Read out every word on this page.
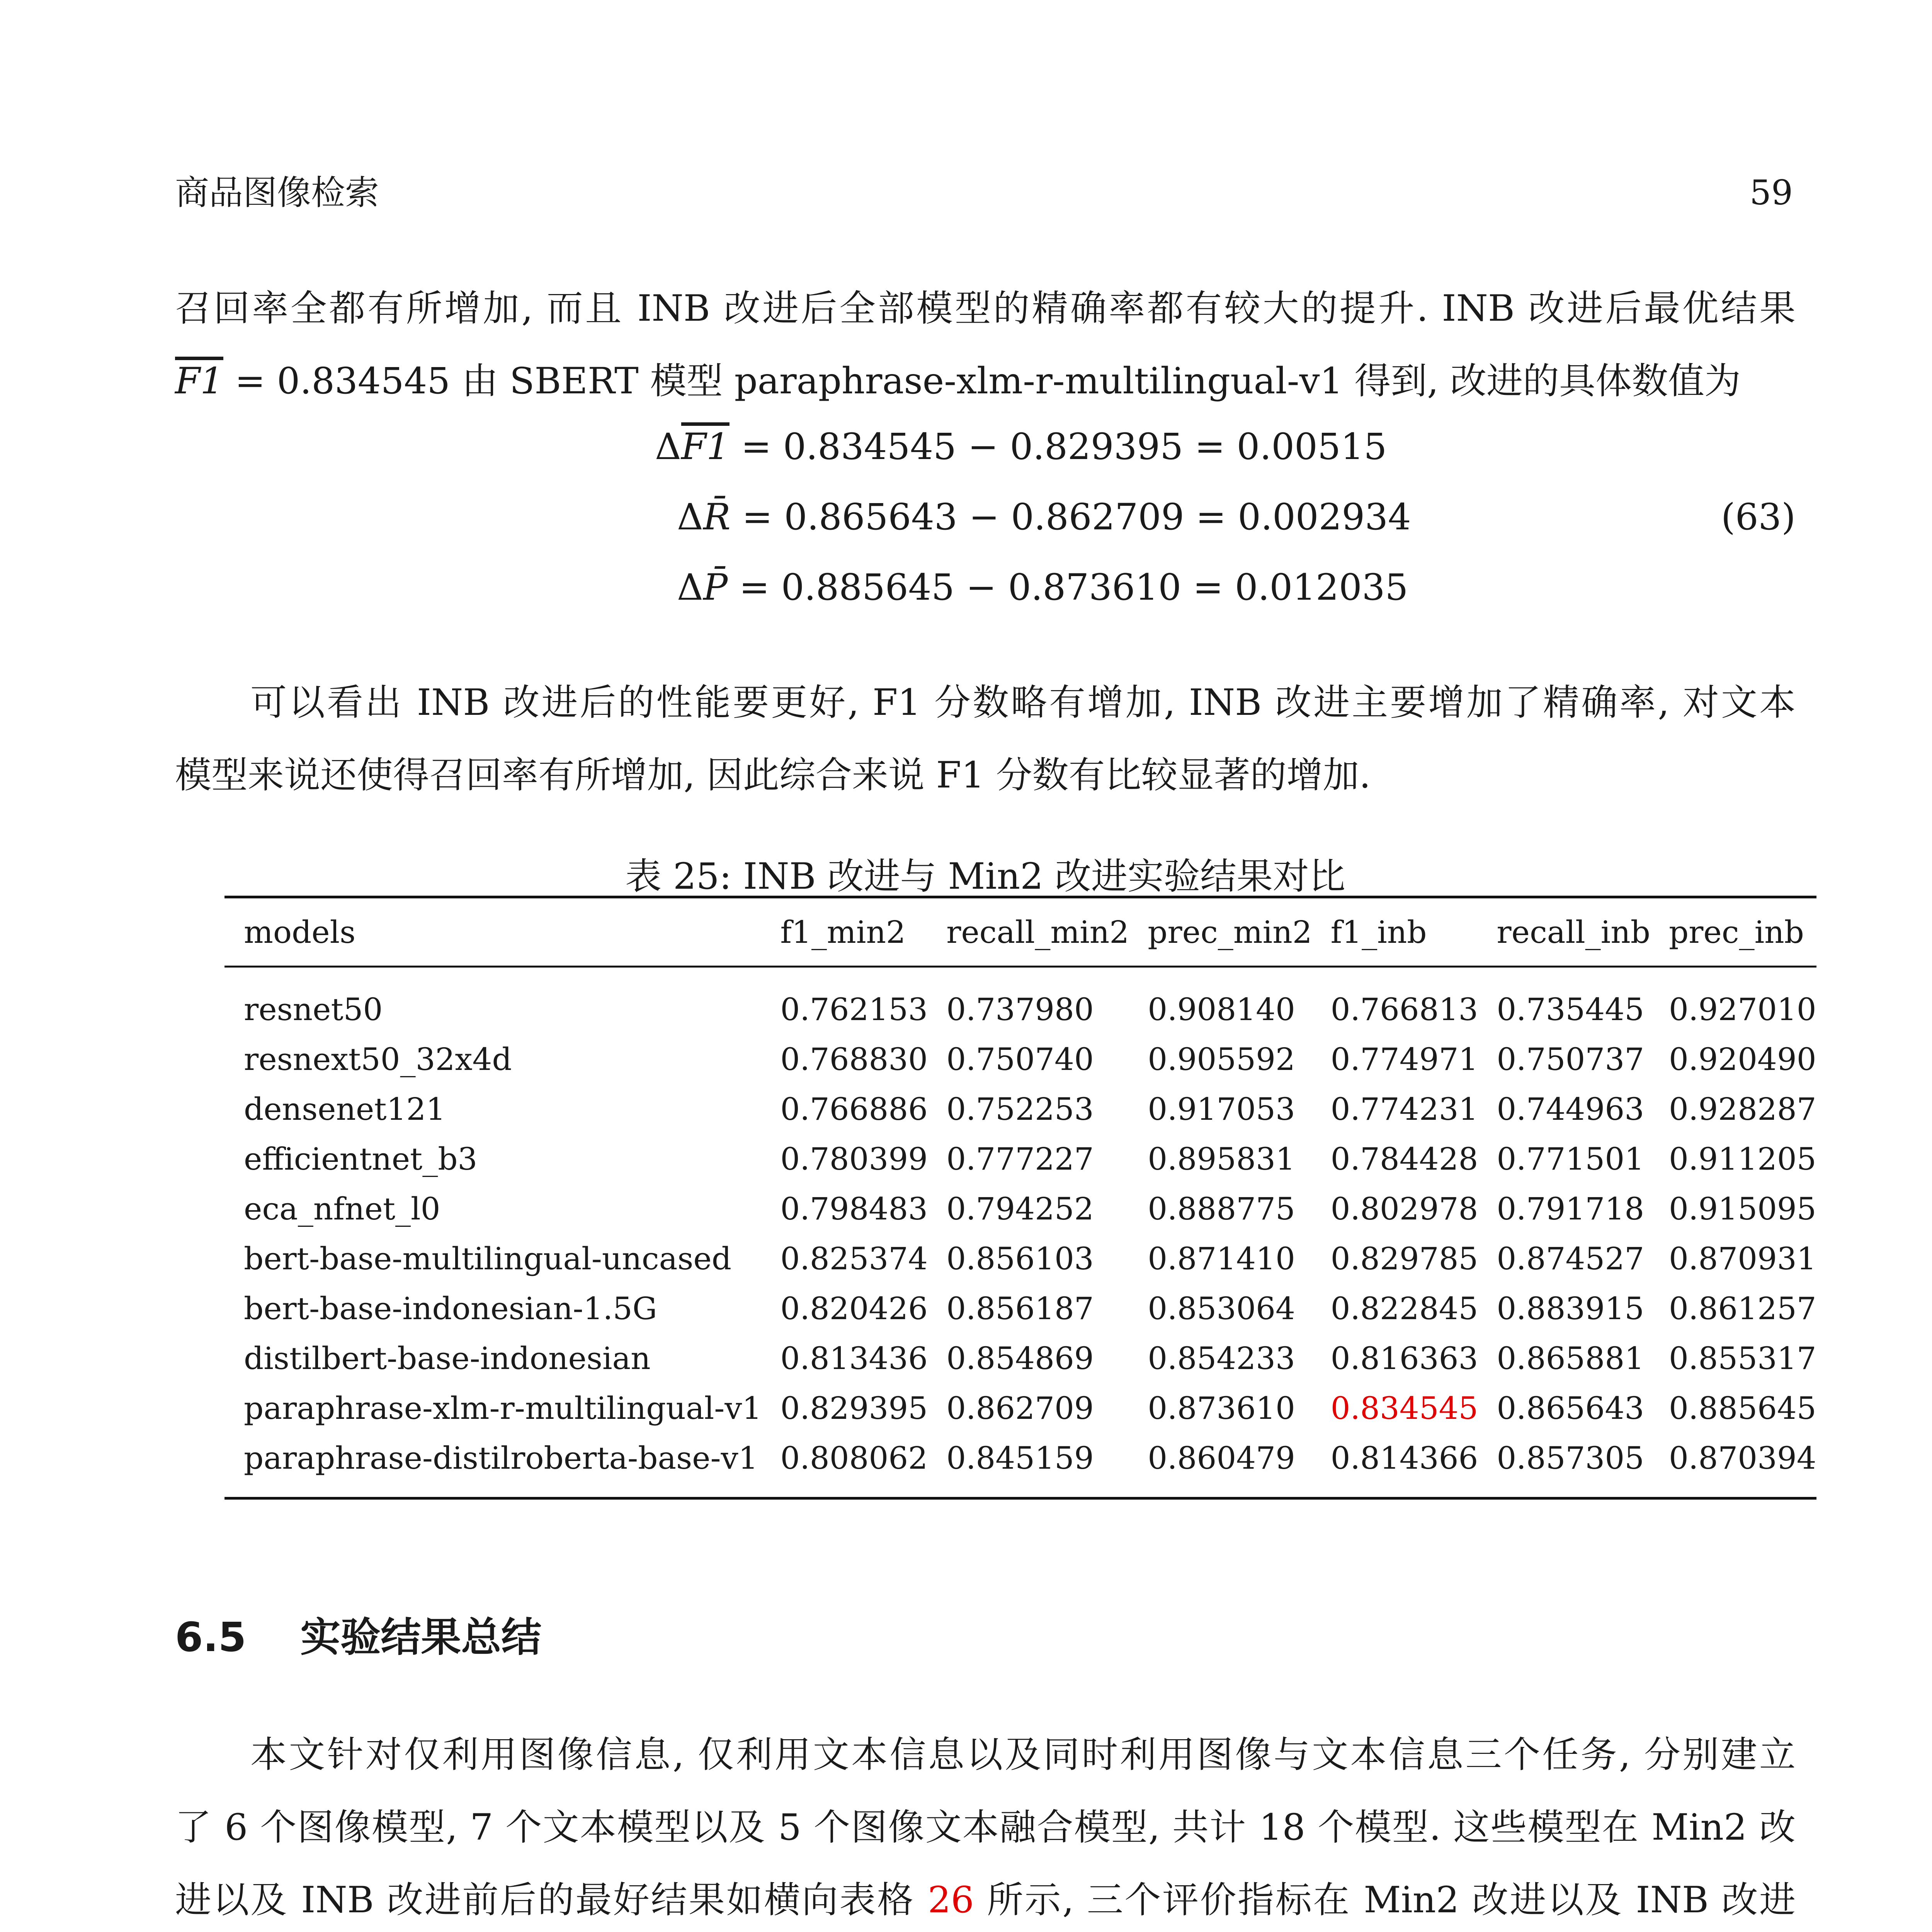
商品图像检索	59
召回率全都有所增加, 而且 INB 改进后全部模型的精确率都有较大的提升. INB 改进后最优结果
F1 = 0.834545 由 SBERT 模型 paraphrase-xlm-r-multilingual-v1 得到, 改进的具体数值为
ΔF1 = 0.834545 − 0.829395 = 0.00515
ΔR̄ = 0.865643 − 0.862709 = 0.002934
ΔP̄ = 0.885645 − 0.873610 = 0.012035
(63)
可以看出 INB 改进后的性能要更好, F1 分数略有增加, INB 改进主要增加了精确率, 对文本
模型来说还使得召回率有所增加, 因此综合来说 F1 分数有比较显著的增加.
表 25: INB 改进与 Min2 改进实验结果对比
models	f1_min2	recall_min2	prec_min2	f1_inb	recall_inb	prec_inb
resnet50	0.762153	0.737980	0.908140	0.766813	0.735445	0.927010
resnext50_32x4d	0.768830	0.750740	0.905592	0.774971	0.750737	0.920490
densenet121	0.766886	0.752253	0.917053	0.774231	0.744963	0.928287
efficientnet_b3	0.780399	0.777227	0.895831	0.784428	0.771501	0.911205
eca_nfnet_l0	0.798483	0.794252	0.888775	0.802978	0.791718	0.915095
bert-base-multilingual-uncased	0.825374	0.856103	0.871410	0.829785	0.874527	0.870931
bert-base-indonesian-1.5G	0.820426	0.856187	0.853064	0.822845	0.883915	0.861257
distilbert-base-indonesian	0.813436	0.854869	0.854233	0.816363	0.865881	0.855317
paraphrase-xlm-r-multilingual-v1	0.829395	0.862709	0.873610	0.834545	0.865643	0.885645
paraphrase-distilroberta-base-v1	0.808062	0.845159	0.860479	0.814366	0.857305	0.870394
6.5 实验结果总结
本文针对仅利用图像信息, 仅利用文本信息以及同时利用图像与文本信息三个任务, 分别建立
了 6 个图像模型, 7 个文本模型以及 5 个图像文本融合模型, 共计 18 个模型. 这些模型在 Min2 改
进以及 INB 改进前后的最好结果如横向表格 26 所示, 三个评价指标在 Min2 改进以及 INB 改进
